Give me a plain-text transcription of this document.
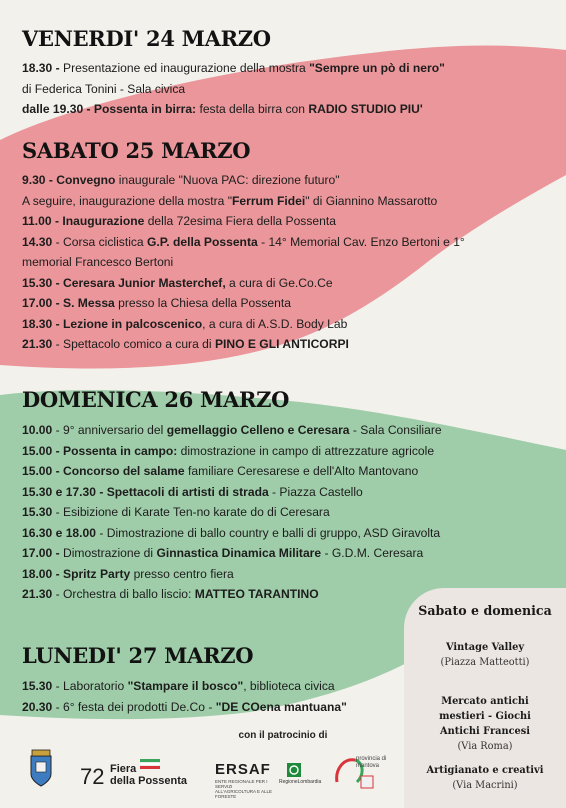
VENERDI' 24 MARZO
18.30 - Presentazione ed inaugurazione della mostra "Sempre un pò di nero"
di Federica Tonini - Sala civica
dalle 19.30 - Possenta in birra: festa della birra con RADIO STUDIO PIU'
SABATO 25 MARZO
9.30 - Convegno inaugurale "Nuova PAC: direzione futuro"
A seguire, inaugurazione della mostra "Ferrum Fidei" di Giannino Massarotto
11.00 - Inaugurazione della 72esima Fiera della Possenta
14.30 - Corsa ciclistica G.P. della Possenta - 14° Memorial Cav. Enzo Bertoni e 1°
memorial Francesco Bertoni
15.30 - Ceresara Junior Masterchef, a cura di Ge.Co.Ce
17.00 - S. Messa presso la Chiesa della Possenta
18.30 - Lezione in palcoscenico, a cura di A.S.D. Body Lab
21.30 - Spettacolo comico a cura di PINO E GLI ANTICORPI
DOMENICA 26 MARZO
10.00 - 9° anniversario del gemellaggio Celleno e Ceresara - Sala Consiliare
15.00 - Possenta in campo: dimostrazione in campo di attrezzature agricole
15.00 - Concorso del salame familiare Ceresarese e dell'Alto Mantovano
15.30 e 17.30 - Spettacoli di artisti di strada - Piazza Castello
15.30 - Esibizione di Karate Ten-no karate do di Ceresara
16.30 e 18.00 - Dimostrazione di ballo country e balli di gruppo, ASD Giravolta
17.00 - Dimostrazione di Ginnastica Dinamica Militare - G.D.M. Ceresara
18.00 - Spritz Party presso centro fiera
21.30 - Orchestra di ballo liscio: MATTEO TARANTINO
LUNEDI' 27 MARZO
15.30 - Laboratorio "Stampare il bosco", biblioteca civica
20.30 - 6° festa dei prodotti De.Co - "DE COena mantuana"
Sabato e domenica
Vintage Valley
(Piazza Matteotti)
Mercato antichi mestieri - Giochi Antichi Francesi
(Via Roma)
Artigianato e creativi
(Via Macrini)
con il patrocinio di
72 Fiera
della Possenta
ERSAF
ENTE REGIONALE PER I SERVIZI ALL'AGRICOLTURA E ALLE FORESTE
RegioneLombardia
provincia di mantova
